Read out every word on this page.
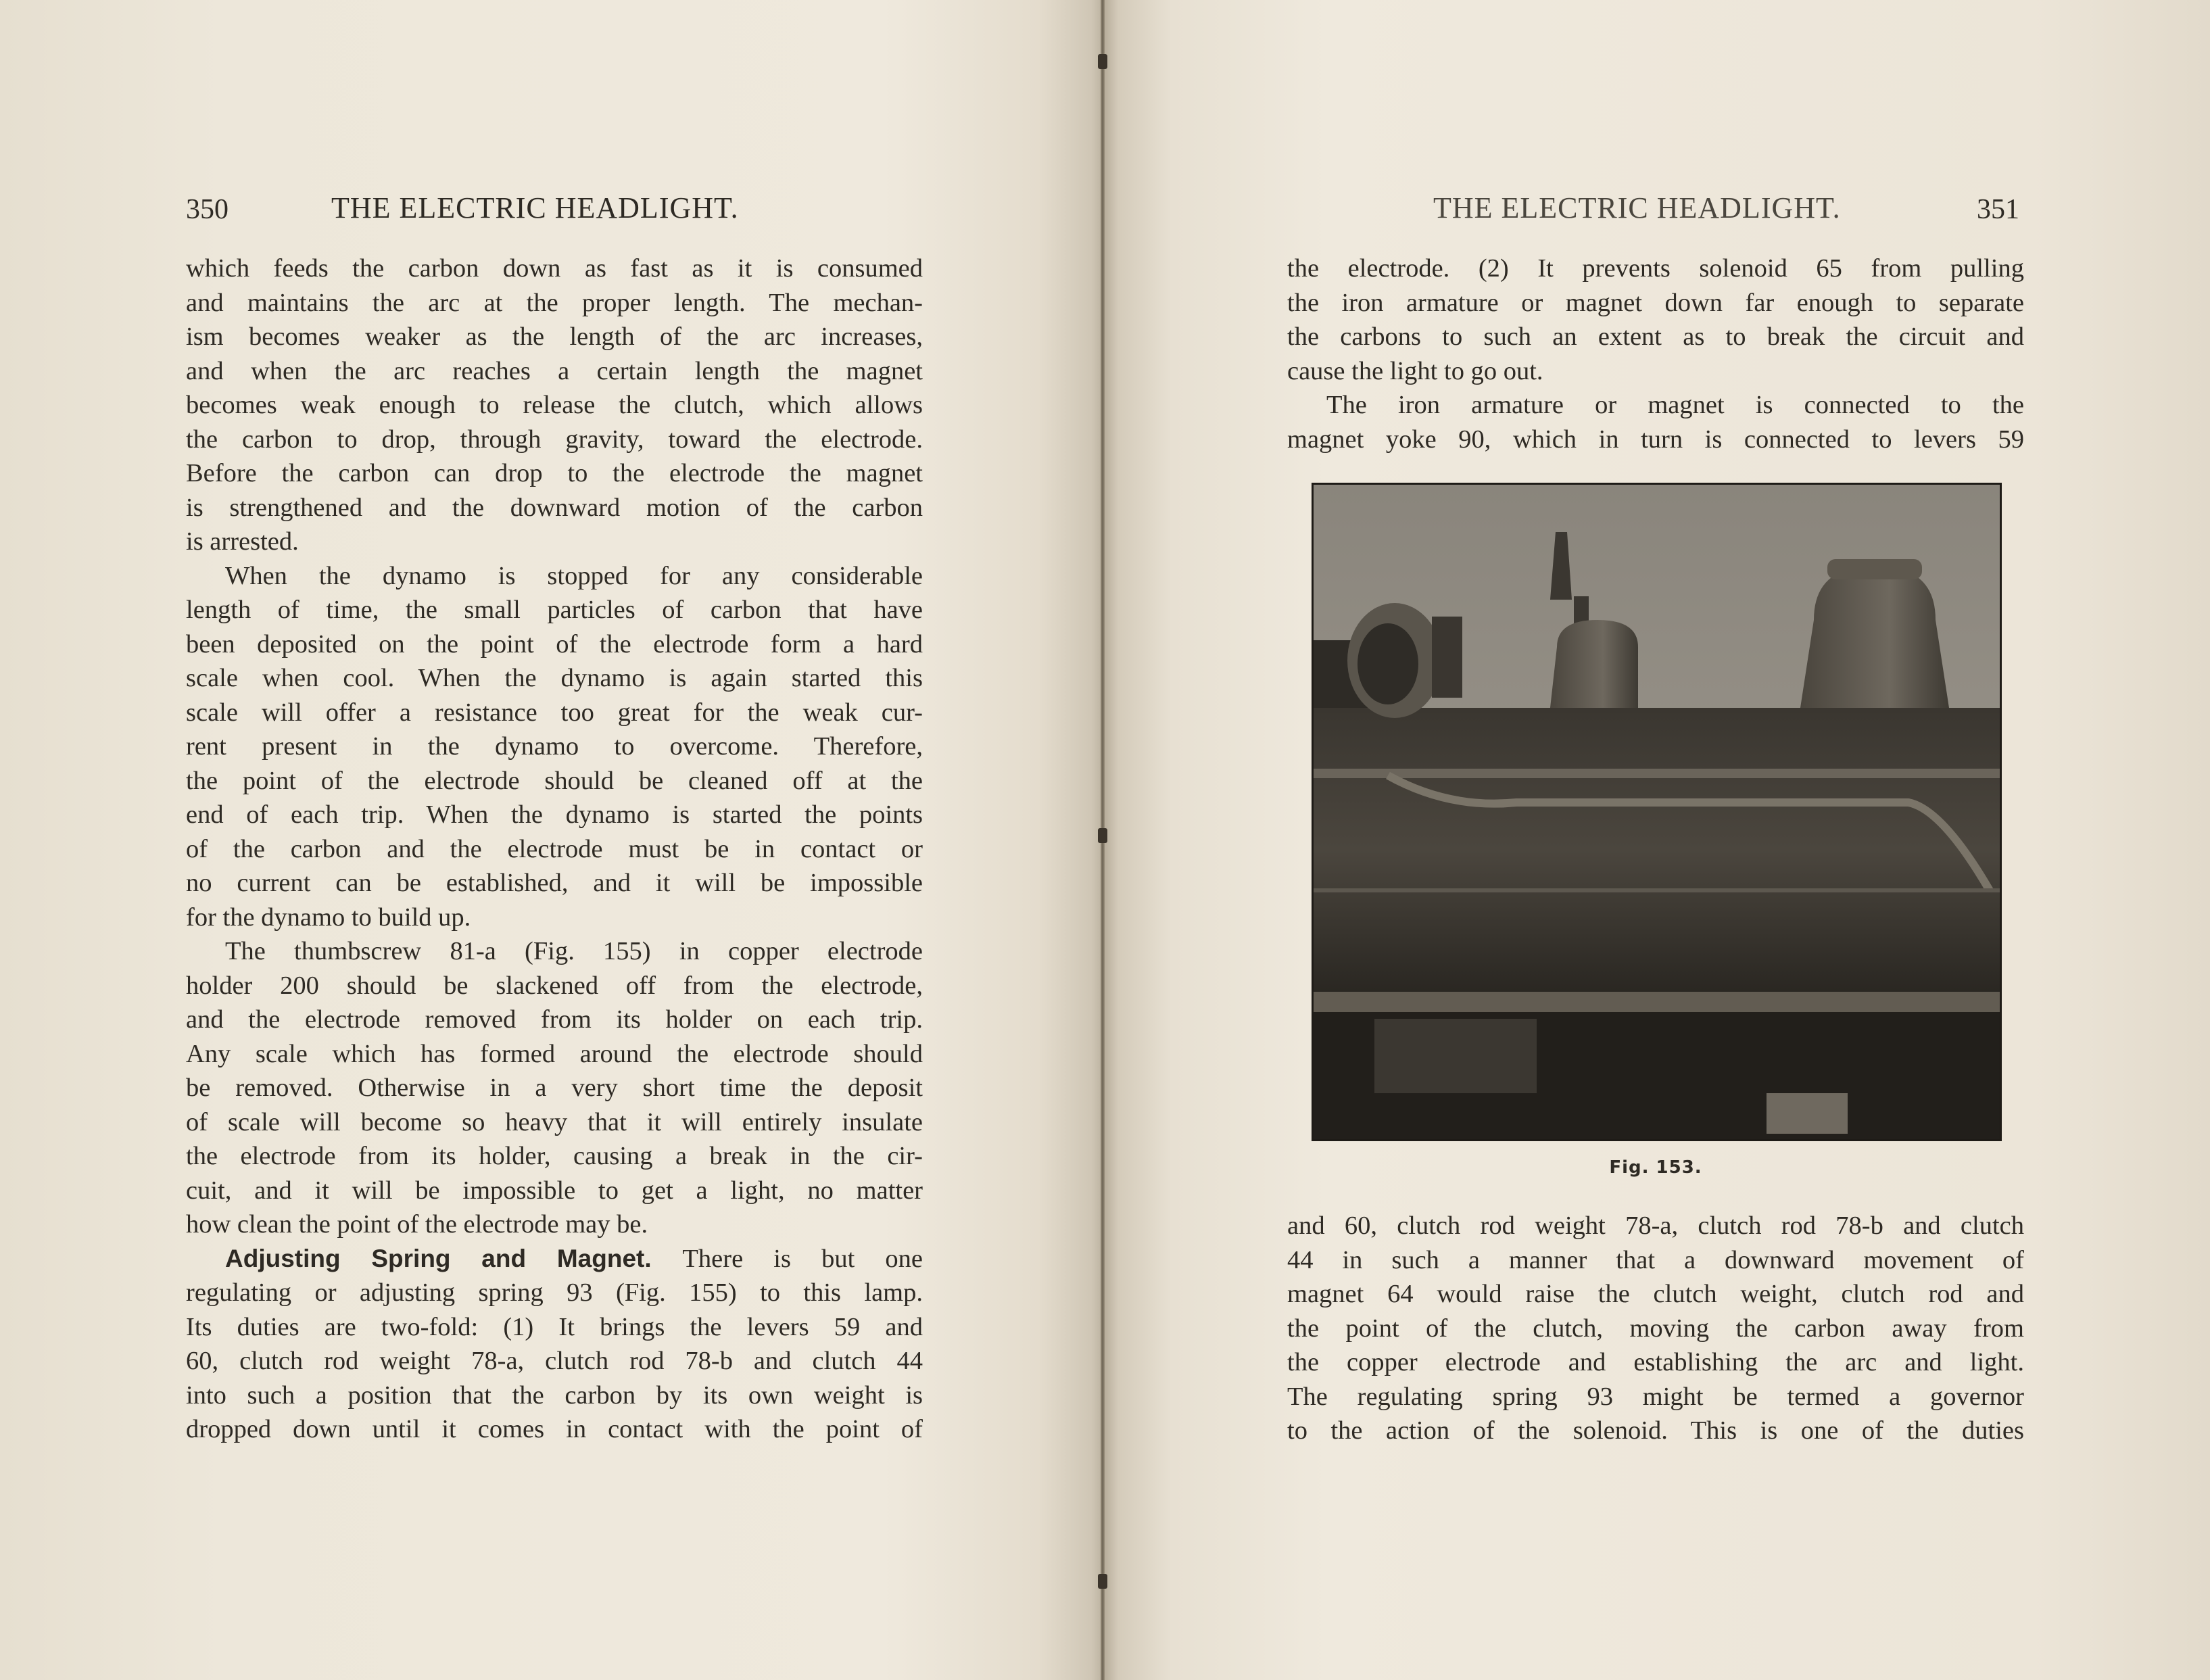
350	THE ELECTRIC HEADLIGHT.
which feeds the carbon down as fast as it is consumed
and maintains the arc at the proper length. The mechan-
ism becomes weaker as the length of the arc increases,
and when the arc reaches a certain length the magnet
becomes weak enough to release the clutch, which allows
the carbon to drop, through gravity, toward the electrode.
Before the carbon can drop to the electrode the magnet
is strengthened and the downward motion of the carbon
is arrested.
When the dynamo is stopped for any considerable
length of time, the small particles of carbon that have
been deposited on the point of the electrode form a hard
scale when cool. When the dynamo is again started this
scale will offer a resistance too great for the weak cur-
rent present in the dynamo to overcome. Therefore,
the point of the electrode should be cleaned off at the
end of each trip. When the dynamo is started the points
of the carbon and the electrode must be in contact or
no current can be established, and it will be impossible
for the dynamo to build up.
The thumbscrew 81-a (Fig. 155) in copper electrode
holder 200 should be slackened off from the electrode,
and the electrode removed from its holder on each trip.
Any scale which has formed around the electrode should
be removed. Otherwise in a very short time the deposit
of scale will become so heavy that it will entirely insulate
the electrode from its holder, causing a break in the cir-
cuit, and it will be impossible to get a light, no matter
how clean the point of the electrode may be.
Adjusting Spring and Magnet. There is but one
regulating or adjusting spring 93 (Fig. 155) to this lamp.
Its duties are two-fold: (1) It brings the levers 59 and
60, clutch rod weight 78-a, clutch rod 78-b and clutch 44
into such a position that the carbon by its own weight is
dropped down until it comes in contact with the point of
THE ELECTRIC HEADLIGHT.	351
the electrode. (2) It prevents solenoid 65 from pulling
the iron armature or magnet down far enough to separate
the carbons to such an extent as to break the circuit and
cause the light to go out.
The iron armature or magnet is connected to the
magnet yoke 90, which in turn is connected to levers 59
and 60, clutch rod weight 78-a, clutch rod 78-b and clutch
44 in such a manner that a downward movement of
magnet 64 would raise the clutch weight, clutch rod and
the point of the clutch, moving the carbon away from
the copper electrode and establishing the arc and light.
The regulating spring 93 might be termed a governor
to the action of the solenoid. This is one of the duties
Fig. 153.
